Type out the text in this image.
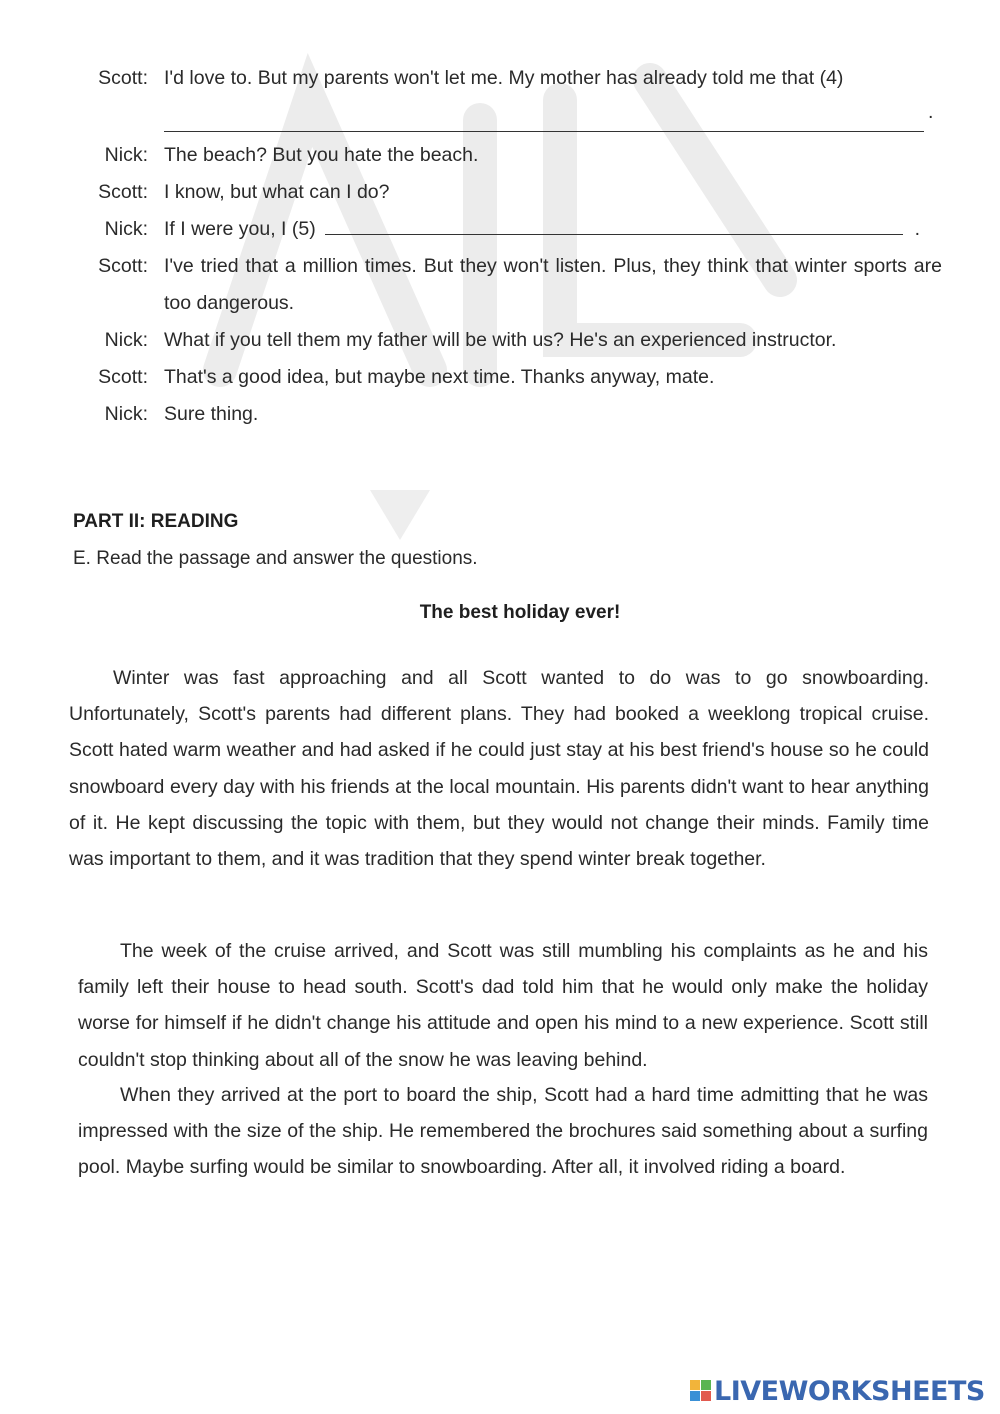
Scott: I'd love to. But my parents won't let me. My mother has already told me that (4)
.
Nick: The beach? But you hate the beach.
Scott: I know, but what can I do?
Nick: If I were you, I (5)	.
Scott: I've tried that a million times. But they won't listen. Plus, they think that winter sports are too dangerous.
Nick: What if you tell them my father will be with us? He's an experienced instructor.
Scott: That's a good idea, but maybe next time. Thanks anyway, mate.
Nick: Sure thing.
PART II: READING
E. Read the passage and answer the questions.
The best holiday ever!
Winter was fast approaching and all Scott wanted to do was to go snowboarding. Unfortunately, Scott's parents had different plans. They had booked a weeklong tropical cruise. Scott hated warm weather and had asked if he could just stay at his best friend's house so he could snowboard every day with his friends at the local mountain. His parents didn't want to hear anything of it. He kept discussing the topic with them, but they would not change their minds. Family time was important to them, and it was tradition that they spend winter break together.
The week of the cruise arrived, and Scott was still mumbling his complaints as he and his family left their house to head south. Scott's dad told him that he would only make the holiday worse for himself if he didn't change his attitude and open his mind to a new experience. Scott still couldn't stop thinking about all of the snow he was leaving behind.
When they arrived at the port to board the ship, Scott had a hard time admitting that he was impressed with the size of the ship. He remembered the brochures said something about a surfing pool. Maybe surfing would be similar to snowboarding. After all, it involved riding a board.
LIVEWORKSHEETS
